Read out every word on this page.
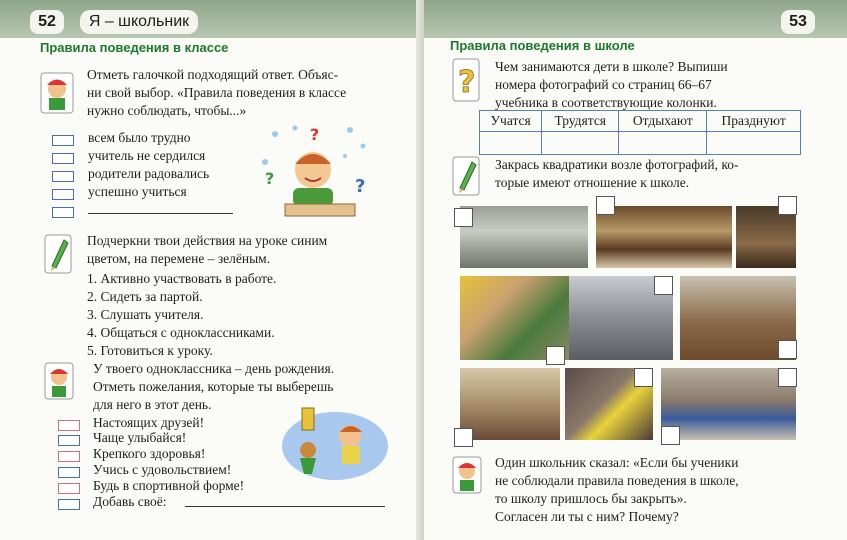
52	Я – школьник
Правила поведения в классе
Отметь галочкой подходящий ответ. Объяс-
ни свой выбор. «Правила поведения в классе
нужно соблюдать, чтобы...»
всем было трудно
учитель не сердился
родители радовались
успешно учиться
?
?	?
Подчеркни твои действия на уроке синим
цветом, на перемене – зелёным.
1. Активно участвовать в работе.
2. Сидеть за партой.
3. Слушать учителя.
4. Общаться с одноклассниками.
5. Готовиться к уроку.
У твоего одноклассника – день рождения.
Отметь пожелания, которые ты выберешь
для него в этот день.
Настоящих друзей!
Чаще улыбайся!
Крепкого здоровья!
Учись с удовольствием!
Будь в спортивной форме!
Добавь своё:
53
Правила поведения в школе
? Чем занимаются дети в школе? Выпиши
номера фотографий со страниц 66–67
учебника в соответствующие колонки.
Учатся	Трудятся	Отдыхают	Празднуют

Закрась квадратики возле фотографий, ко-
торые имеют отношение к школе.
Один школьник сказал: «Если бы ученики
не соблюдали правила поведения в школе,
то школу пришлось бы закрыть».
Согласен ли ты с ним? Почему?
